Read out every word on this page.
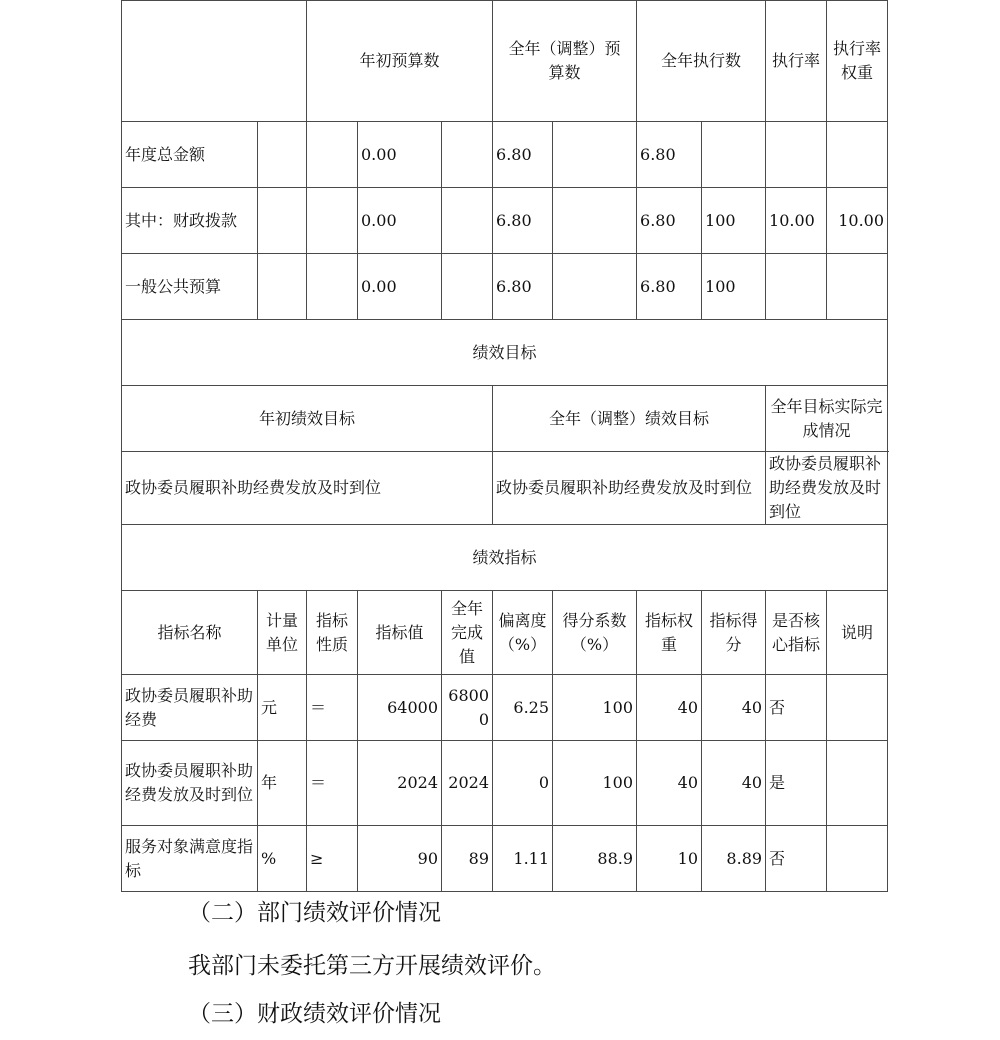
		年初预算数			全年（调整）预算数		全年执行数		执行率	执行率权重	
年度总金额			0.00		6.80		6.80				
其中：财政拨款			0.00		6.80		6.80	100	10.00	10.00	
一般公共预算			0.00		6.80		6.80	100			
绩效目标											
年初绩效目标					全年（调整）绩效目标				全年目标实际完成情况		
政协委员履职补助经费发放及时到位					政协委员履职补助经费发放及时到位				政协委员履职补助经费发放及时到位		
绩效指标											
指标名称	计量单位	指标性质	指标值	全年完成值	偏离度（%）	得分系数（%）	指标权重	指标得分	是否核心指标	说明	
政协委员履职补助经费	元	＝	64000	68000	6.25	100	40	40	否		
政协委员履职补助经费发放及时到位	年	＝	2024	2024	0	100	40	40	是		
服务对象满意度指标	%	≥	90	89	1.11	88.9	10	8.89	否		
（二）部门绩效评价情况
我部门未委托第三方开展绩效评价。
（三）财政绩效评价情况
